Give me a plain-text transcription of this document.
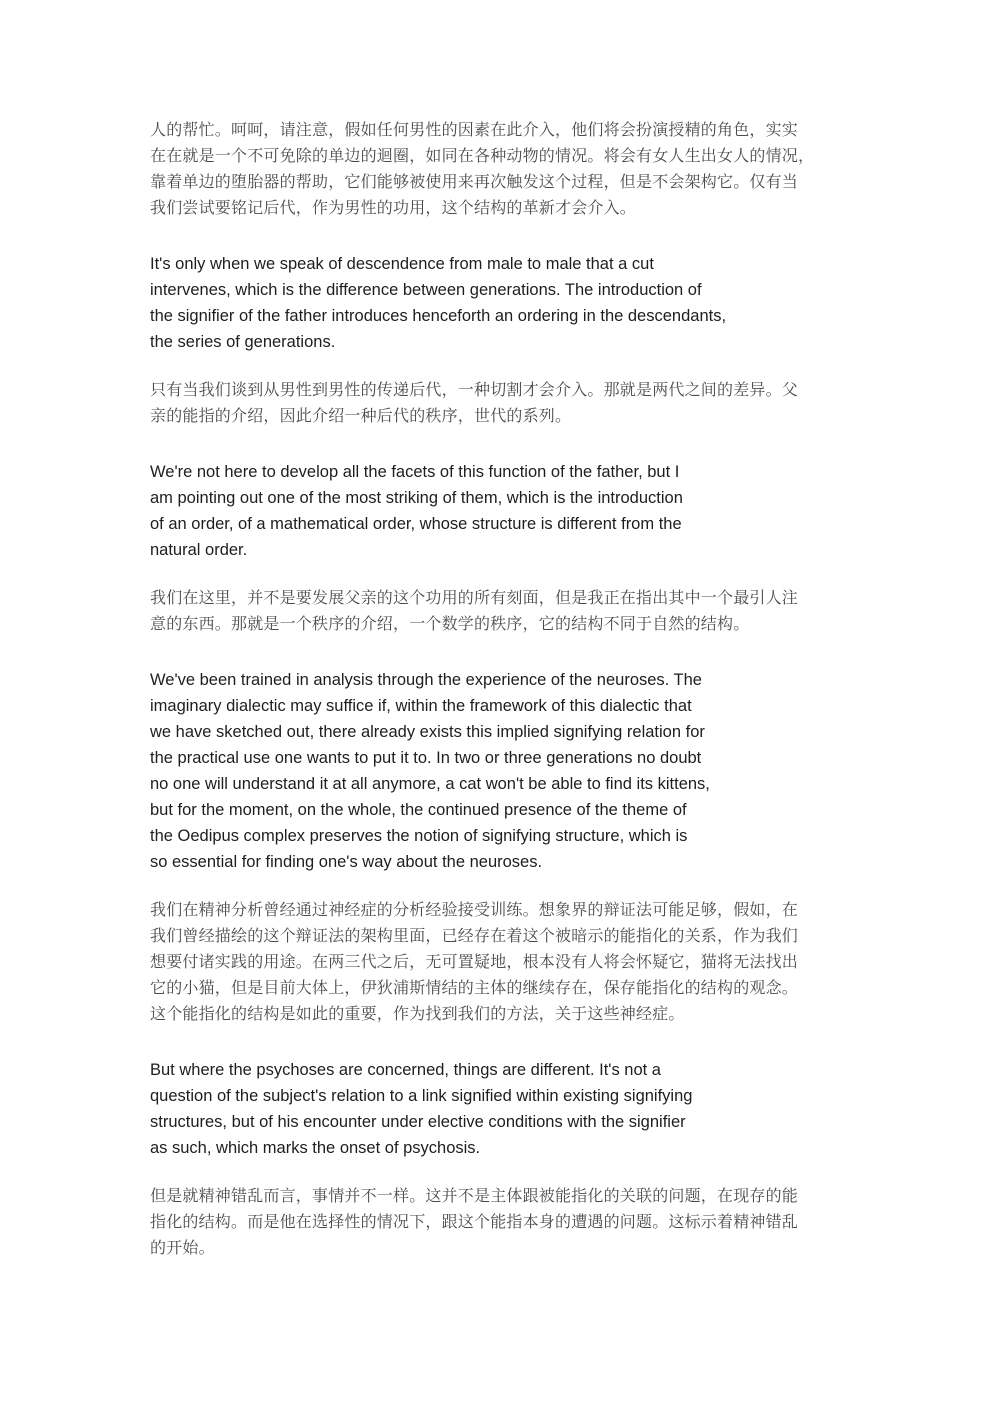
人的帮忙。呵呵，请注意，假如任何男性的因素在此介入，他们将会扮演授精的角色，实实
在在就是一个不可免除的单边的迴圈，如同在各种动物的情况。将会有女人生出女人的情况，
靠着单边的堕胎器的帮助，它们能够被使用来再次触发这个过程，但是不会架构它。仅有当
我们尝试要铭记后代，作为男性的功用，这个结构的革新才会介入。

It's only when we speak of descendence from male to male that a cut
intervenes, which is the difference between generations. The introduction of
the signifier of the father introduces henceforth an ordering in the descendants,
the series of generations.

只有当我们谈到从男性到男性的传递后代，一种切割才会介入。那就是两代之间的差异。父
亲的能指的介绍，因此介绍一种后代的秩序，世代的系列。

We're not here to develop all the facets of this function of the father, but I
am pointing out one of the most striking of them, which is the introduction
of an order, of a mathematical order, whose structure is different from the
natural order.

我们在这里，并不是要发展父亲的这个功用的所有刻面，但是我正在指出其中一个最引人注
意的东西。那就是一个秩序的介绍，一个数学的秩序，它的结构不同于自然的结构。

We've been trained in analysis through the experience of the neuroses. The
imaginary dialectic may suffice if, within the framework of this dialectic that
we have sketched out, there already exists this implied signifying relation for
the practical use one wants to put it to. In two or three generations no doubt
no one will understand it at all anymore, a cat won't be able to find its kittens,
but for the moment, on the whole, the continued presence of the theme of
the Oedipus complex preserves the notion of signifying structure, which is
so essential for finding one's way about the neuroses.

我们在精神分析曾经通过神经症的分析经验接受训练。想象界的辩证法可能足够，假如，在
我们曾经描绘的这个辩证法的架构里面，已经存在着这个被暗示的能指化的关系，作为我们
想要付诸实践的用途。在两三代之后，无可置疑地，根本没有人将会怀疑它，猫将无法找出
它的小猫，但是目前大体上，伊狄浦斯情结的主体的继续存在，保存能指化的结构的观念。
这个能指化的结构是如此的重要，作为找到我们的方法，关于这些神经症。

But where the psychoses are concerned, things are different. It's not a
question of the subject's relation to a link signified within existing signifying
structures, but of his encounter under elective conditions with the signifier
as such, which marks the onset of psychosis.

但是就精神错乱而言，事情并不一样。这并不是主体跟被能指化的关联的问题，在现存的能
指化的结构。而是他在选择性的情况下，跟这个能指本身的遭遇的问题。这标示着精神错乱
的开始。
